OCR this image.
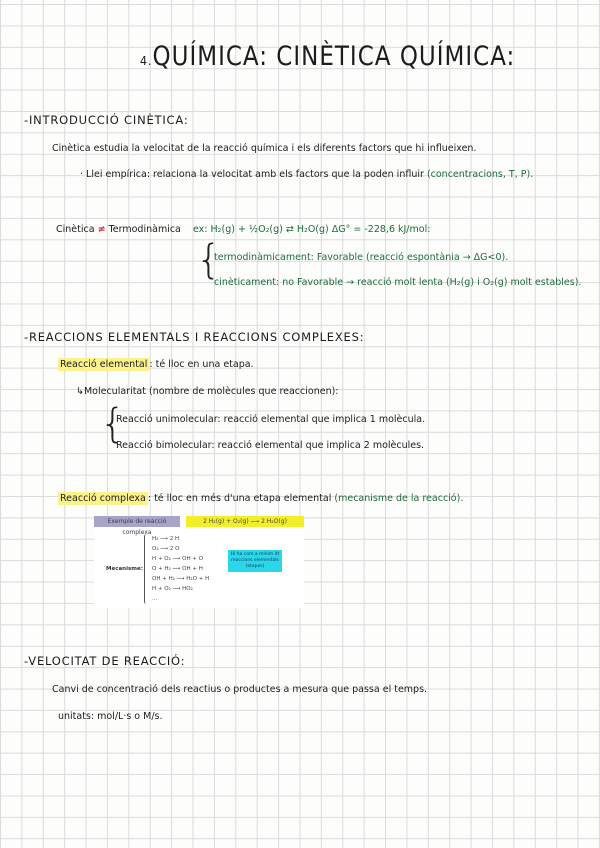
4.QUÍMICA: CINÈTICA QUÍMICA:
-INTRODUCCIÓ CINÈTICA:
Cinètica estudia la velocitat de la reacció química i els diferents factors que hi influeixen.
· Llei empírica: relaciona la velocitat amb els factors que la poden influir (concentracions, T, P).
Cinètica ≠ Termodinàmica ex: H₂(g) + ½O₂(g) ⇄ H₂O(g) ΔG° = -228,6 kJ/mol:
{
termodinàmicament: Favorable (reacció espontània → ΔG<0).
cinèticament: no Favorable → reacció molt lenta (H₂(g) i O₂(g) molt estables).
-REACCIONS ELEMENTALS I REACCIONS COMPLEXES:
Reacció elemental : té lloc en una etapa.
↳Molecularitat (nombre de molècules que reaccionen):
{
Reacció unimolecular: reacció elemental que implica 1 molècula.
Reacció bimolecular: reacció elemental que implica 2 molècules.
Reacció complexa : té lloc en més d'una etapa elemental (mecanisme de la reacció).
Exemple de reacció complexa
2 H₂(g) + O₂(g) ⟶ 2 H₂O(g)
Mecanisme:
H₂ ⟶ 2 H
O₂ ⟶ 2 O
H + O₂ ⟶ OH + O
O + H₂ ⟶ OH + H
OH + H₂ ⟶ H₂O + H
H + O₂ ⟶ HO₂
...
Hi ha com a mínim 4t reaccions elementals (etapes)
-VELOCITAT DE REACCIÓ:
Canvi de concentració dels reactius o productes a mesura que passa el temps.
unitats: mol/L·s o M/s.
